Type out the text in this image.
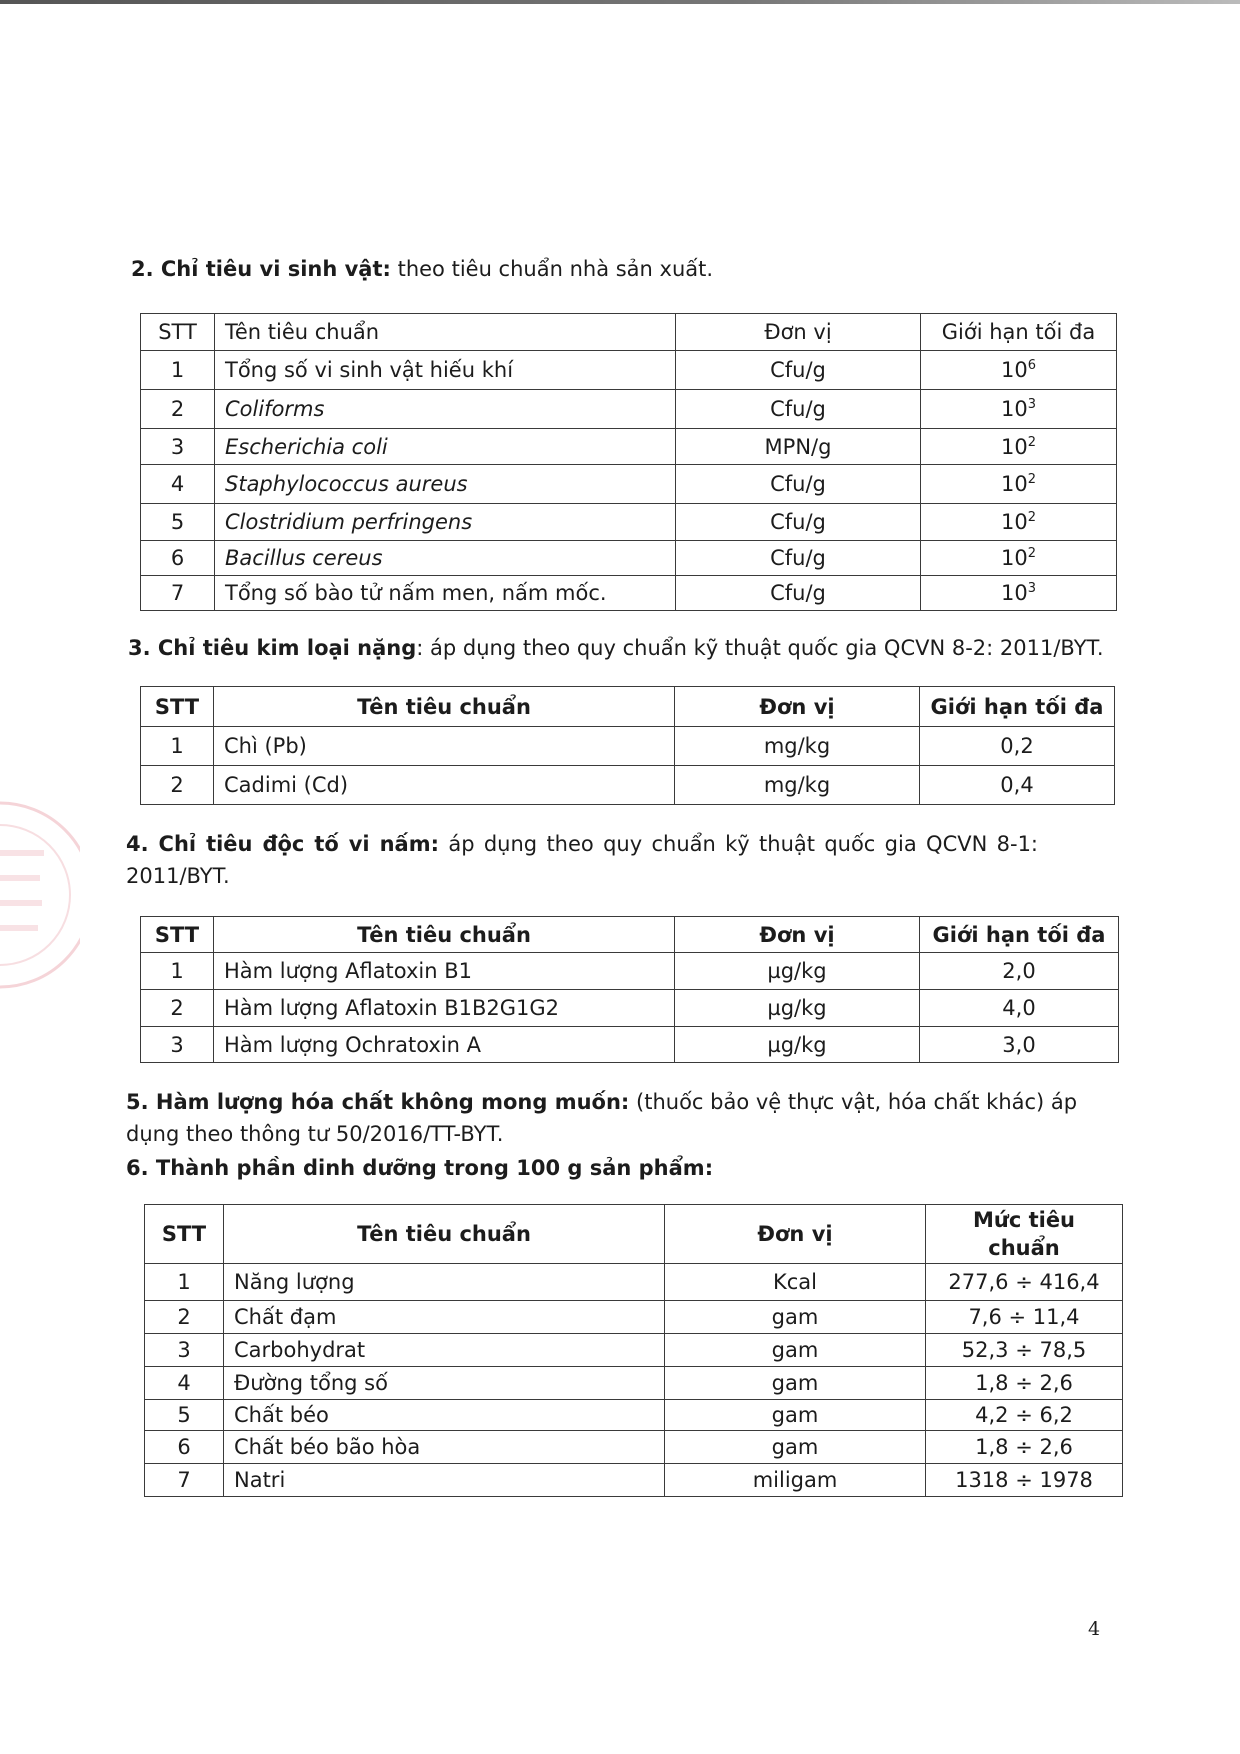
2. Chỉ tiêu vi sinh vật: theo tiêu chuẩn nhà sản xuất.
STT	Tên tiêu chuẩn	Đơn vị	Giới hạn tối đa
1	Tổng số vi sinh vật hiếu khí	Cfu/g	$10^6$
2	Coliforms	Cfu/g	$10^3$
3	Escherichia coli	MPN/g	$10^2$
4	Staphylococcus aureus	Cfu/g	$10^2$
5	Clostridium perfringens	Cfu/g	$10^2$
6	Bacillus cereus	Cfu/g	$10^2$
7	Tổng số bào tử nấm men, nấm mốc.	Cfu/g	$10^3$
3. Chỉ tiêu kim loại nặng: áp dụng theo quy chuẩn kỹ thuật quốc gia QCVN 8-2: 2011/BYT.
STT	Tên tiêu chuẩn	Đơn vị	Giới hạn tối đa
1	Chì (Pb)	mg/kg	0,2
2	Cadimi (Cd)	mg/kg	0,4
4. Chỉ tiêu độc tố vi nấm: áp dụng theo quy chuẩn kỹ thuật quốc gia QCVN 8-1: 2011/BYT.
STT	Tên tiêu chuẩn	Đơn vị	Giới hạn tối đa
1	Hàm lượng Aflatoxin B1	µg/kg	2,0
2	Hàm lượng Aflatoxin B1B2G1G2	µg/kg	4,0
3	Hàm lượng Ochratoxin A	µg/kg	3,0
5. Hàm lượng hóa chất không mong muốn: (thuốc bảo vệ thực vật, hóa chất khác) áp dụng theo thông tư 50/2016/TT-BYT.
6. Thành phần dinh dưỡng trong 100 g sản phẩm:
STT	Tên tiêu chuẩn	Đơn vị	Mức tiêu chuẩn
1	Năng lượng	Kcal	277,6 ÷ 416,4
2	Chất đạm	gam	7,6 ÷ 11,4
3	Carbohydrat	gam	52,3 ÷ 78,5
4	Đường tổng số	gam	1,8 ÷ 2,6
5	Chất béo	gam	4,2 ÷ 6,2
6	Chất béo bão hòa	gam	1,8 ÷ 2,6
7	Natri	miligam	1318 ÷ 1978
4
